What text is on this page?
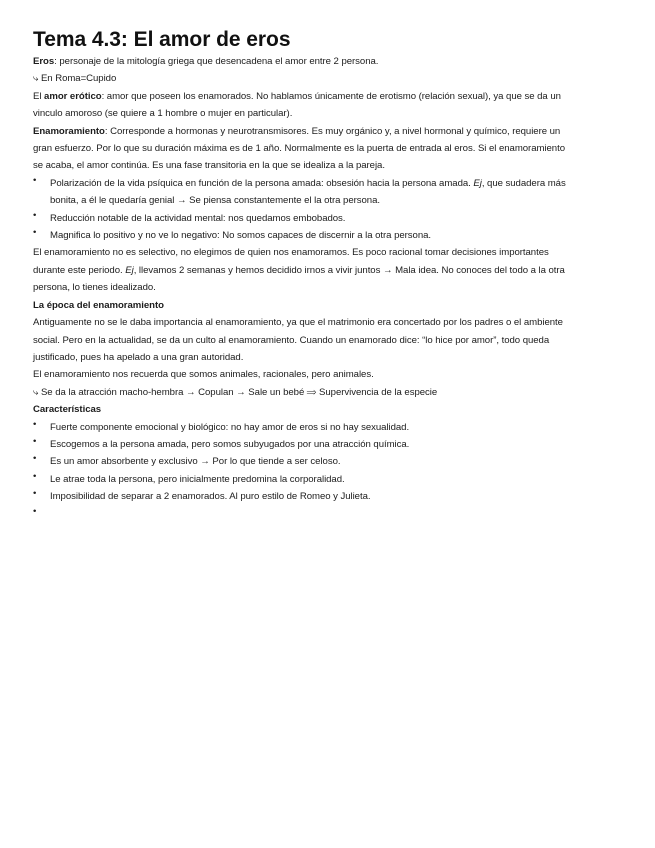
Tema 4.3: El amor de eros
Eros: personaje de la mitología griega que desencadena el amor entre 2 persona.
⤷ En Roma=Cupido
El amor erótico: amor que poseen los enamorados. No hablamos únicamente de erotismo (relación sexual), ya que se da un
vinculo amoroso (se quiere a 1 hombre o mujer en particular).
Enamoramiento: Corresponde a hormonas y neurotransmisores. Es muy orgánico y, a nivel hormonal y químico, requiere un
gran esfuerzo. Por lo que su duración máxima es de 1 año. Normalmente es la puerta de entrada al eros. Si el enamoramiento
se acaba, el amor continúa. Es una fase transitoria en la que se idealiza a la pareja.
•	Polarización de la vida psíquica en función de la persona amada: obsesión hacia la persona amada. Ej, que sudadera más
bonita, a él le quedaría genial → Se piensa constantemente el la otra persona.
•	Reducción notable de la actividad mental: nos quedamos embobados.
•	Magnifica lo positivo y no ve lo negativo: No somos capaces de discernir a la otra persona.
El enamoramiento no es selectivo, no elegimos de quien nos enamoramos. Es poco racional tomar decisiones importantes
durante este periodo. Ej, llevamos 2 semanas y hemos decidido irnos a vivir juntos → Mala idea. No conoces del todo a la otra
persona, lo tienes idealizado.
La época del enamoramiento
Antiguamente no se le daba importancia al enamoramiento, ya que el matrimonio era concertado por los padres o el ambiente
social. Pero en la actualidad, se da un culto al enamoramiento. Cuando un enamorado dice: “lo hice por amor”, todo queda
justificado, pues ha apelado a una gran autoridad.
El enamoramiento nos recuerda que somos animales, racionales, pero animales.
⤷ Se da la atracción macho-hembra → Copulan → Sale un bebé ⟹ Supervivencia de la especie
Características
•	Fuerte componente emocional y biológico: no hay amor de eros si no hay sexualidad.
•	Escogemos a la persona amada, pero somos subyugados por una atracción química.
•	Es un amor absorbente y exclusivo → Por lo que tiende a ser celoso.
•	Le atrae toda la persona, pero inicialmente predomina la corporalidad.
•	Imposibilidad de separar a 2 enamorados. Al puro estilo de Romeo y Julieta.
•
